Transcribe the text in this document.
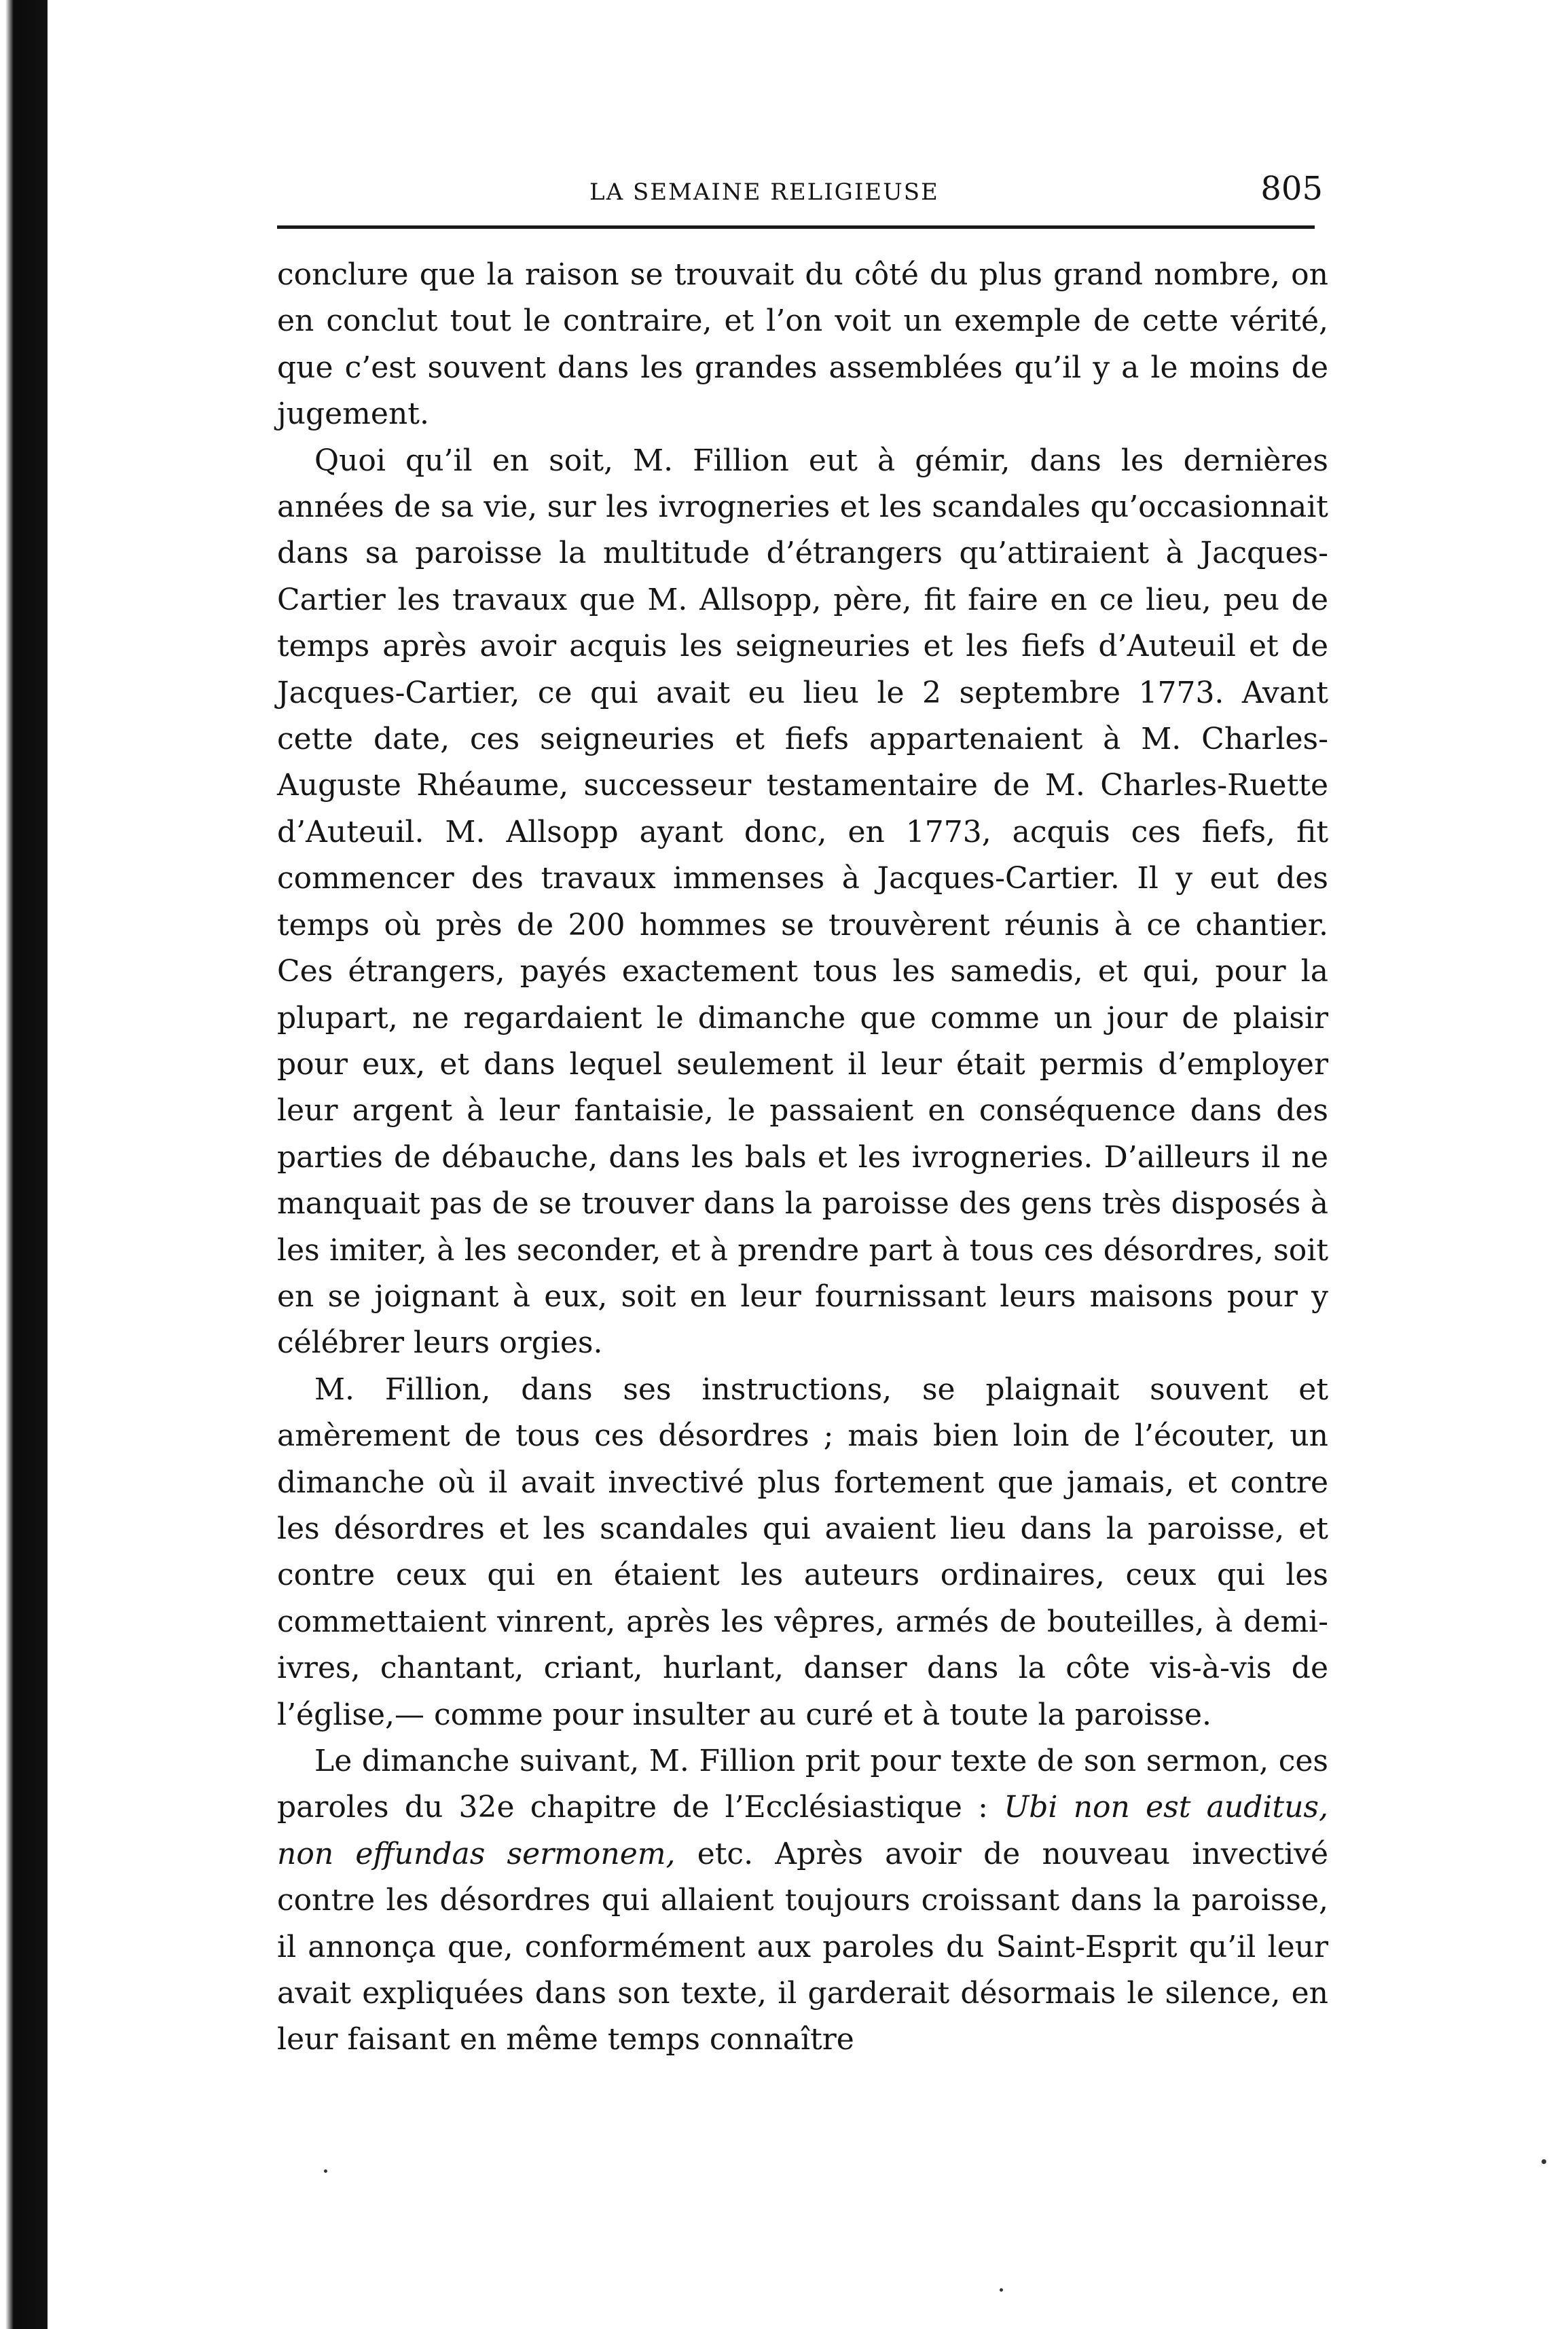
LA SEMAINE RELIGIEUSE	805

conclure que la raison se trouvait du côté du plus grand nombre, on en conclut tout le contraire, et l’on voit un exemple de cette vérité, que c’est souvent dans les grandes assemblées qu’il y a le moins de jugement.

Quoi qu’il en soit, M. Fillion eut à gémir, dans les dernières années de sa vie, sur les ivrogneries et les scandales qu’occasionnait dans sa paroisse la multitude d’étrangers qu’attiraient à Jacques-Cartier les travaux que M. Allsopp, père, fit faire en ce lieu, peu de temps après avoir acquis les seigneuries et les fiefs d’Auteuil et de Jacques-Cartier, ce qui avait eu lieu le 2 septembre 1773. Avant cette date, ces seigneuries et fiefs appartenaient à M. Charles-Auguste Rhéaume, successeur testamentaire de M. Charles-Ruette d’Auteuil. M. Allsopp ayant donc, en 1773, acquis ces fiefs, fit commencer des travaux immenses à Jacques-Cartier. Il y eut des temps où près de 200 hommes se trouvèrent réunis à ce chantier. Ces étrangers, payés exactement tous les samedis, et qui, pour la plupart, ne regardaient le dimanche que comme un jour de plaisir pour eux, et dans lequel seulement il leur était permis d’employer leur argent à leur fantaisie, le passaient en conséquence dans des parties de débauche, dans les bals et les ivrogneries. D’ailleurs il ne manquait pas de se trouver dans la paroisse des gens très disposés à les imiter, à les seconder, et à prendre part à tous ces désordres, soit en se joignant à eux, soit en leur fournissant leurs maisons pour y célébrer leurs orgies.

M. Fillion, dans ses instructions, se plaignait souvent et amèrement de tous ces désordres ; mais bien loin de l’écouter, un dimanche où il avait invectivé plus fortement que jamais, et contre les désordres et les scandales qui avaient lieu dans la paroisse, et contre ceux qui en étaient les auteurs ordinaires, ceux qui les commettaient vinrent, après les vêpres, armés de bouteilles, à demi-ivres, chantant, criant, hurlant, danser dans la côte vis-à-vis de l’église,— comme pour insulter au curé et à toute la paroisse.

Le dimanche suivant, M. Fillion prit pour texte de son sermon, ces paroles du 32e chapitre de l’Ecclésiastique : Ubi non est auditus, non effundas sermonem, etc. Après avoir de nouveau invectivé contre les désordres qui allaient toujours croissant dans la paroisse, il annonça que, conformément aux paroles du Saint-Esprit qu’il leur avait expliquées dans son texte, il garderait désormais le silence, en leur faisant en même temps connaître
